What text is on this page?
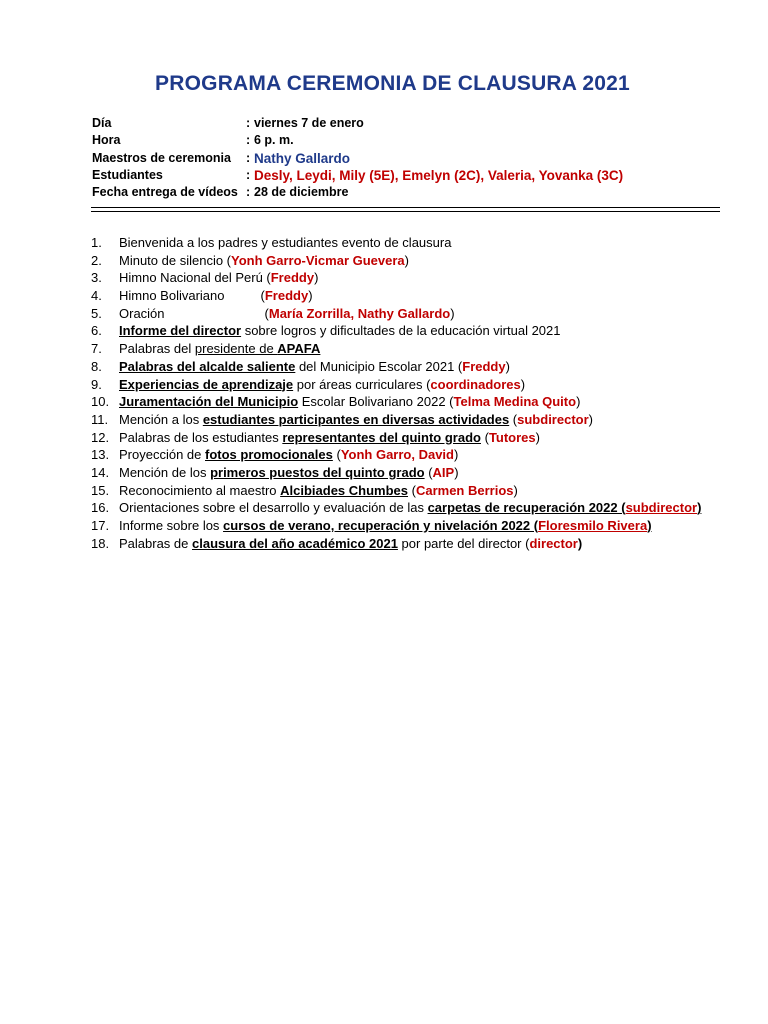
PROGRAMA CEREMONIA DE CLAUSURA 2021
Día	: viernes 7 de enero
Hora	: 6 p. m.
Maestros de ceremonia : Nathy Gallardo
Estudiantes	: Desly, Leydi, Mily (5E), Emelyn (2C), Valeria, Yovanka (3C)
Fecha entrega de vídeos : 28 de diciembre
1. Bienvenida a los padres y estudiantes evento de clausura
2. Minuto de silencio (Yonh Garro-Vicmar Guevera)
3. Himno Nacional del Perú (Freddy)
4. Himno Bolivariano	(Freddy)
5. Oración	(María Zorrilla, Nathy Gallardo)
6. Informe del director sobre logros y dificultades de la educación virtual 2021
7. Palabras del presidente de APAFA
8. Palabras del alcalde saliente del Municipio Escolar 2021 (Freddy)
9. Experiencias de aprendizaje por áreas curriculares (coordinadores)
10. Juramentación del Municipio Escolar Bolivariano 2022 (Telma Medina Quito)
11. Mención a los estudiantes participantes en diversas actividades (subdirector)
12. Palabras de los estudiantes representantes del quinto grado (Tutores)
13. Proyección de fotos promocionales (Yonh Garro, David)
14. Mención de los primeros puestos del quinto grado (AIP)
15. Reconocimiento al maestro Alcibiades Chumbes (Carmen Berrios)
16. Orientaciones sobre el desarrollo y evaluación de las carpetas de recuperación 2022 (subdirector)
17. Informe sobre los cursos de verano, recuperación y nivelación 2022 (Floresmilo Rivera)
18. Palabras de clausura del año académico 2021 por parte del director (director)
